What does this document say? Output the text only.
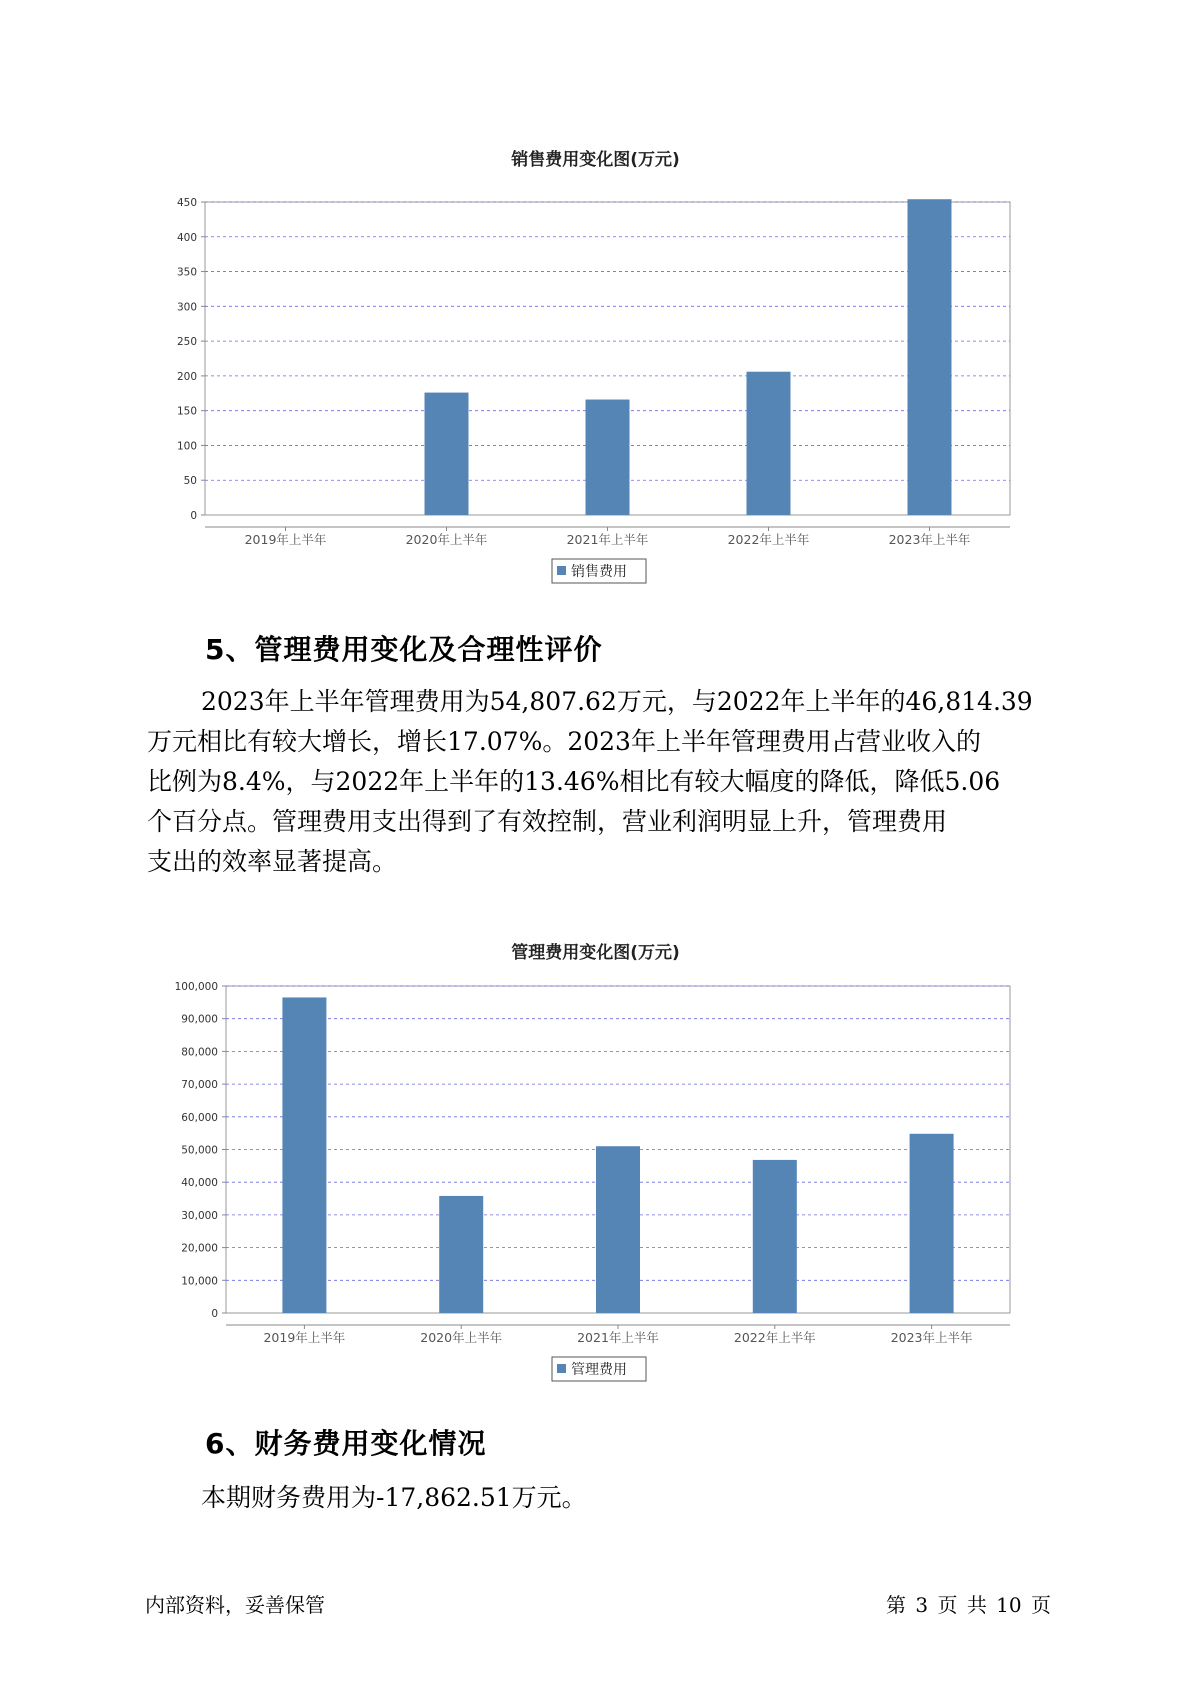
销售费用变化图(万元)
0
50
100
150
200
250
300
350
400
450
2019年上半年	2020年上半年	2021年上半年	2022年上半年	2023年上半年
销售费用
5、管理费用变化及合理性评价
2023年上半年管理费用为54,807.62万元，与2022年上半年的46,814.39
万元相比有较大增长，增长17.07%。2023年上半年管理费用占营业收入的
比例为8.4%，与2022年上半年的13.46%相比有较大幅度的降低，降低5.06
个百分点。管理费用支出得到了有效控制，营业利润明显上升，管理费用
支出的效率显著提高。
管理费用变化图(万元)
0
10,000
20,000
30,000
40,000
50,000
60,000
70,000
80,000
90,000
100,000
2019年上半年	2020年上半年	2021年上半年	2022年上半年	2023年上半年
管理费用
6、财务费用变化情况
本期财务费用为-17,862.51万元。
内部资料，妥善保管	第 3 页 共 10 页
